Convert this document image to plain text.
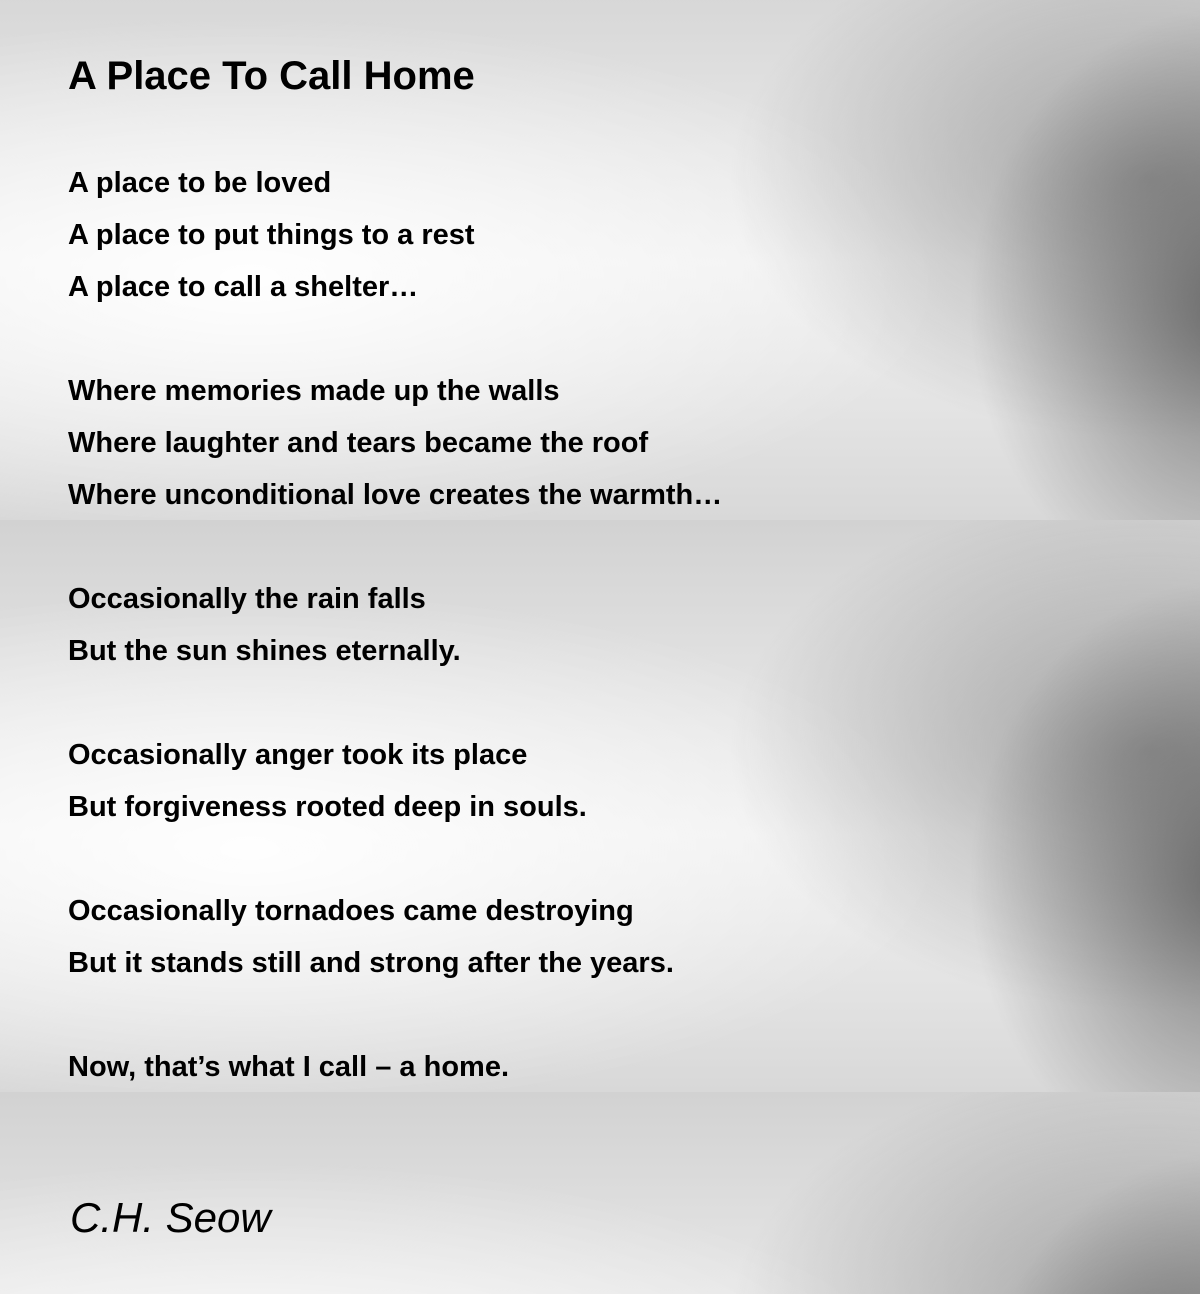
A Place To Call Home
A place to be loved
A place to put things to a rest
A place to call a shelter…
Where memories made up the walls
Where laughter and tears became the roof
Where unconditional love creates the warmth…
Occasionally the rain falls
But the sun shines eternally.
Occasionally anger took its place
But forgiveness rooted deep in souls.
Occasionally tornadoes came destroying
But it stands still and strong after the years.
Now, that’s what I call – a home.
C.H. Seow
